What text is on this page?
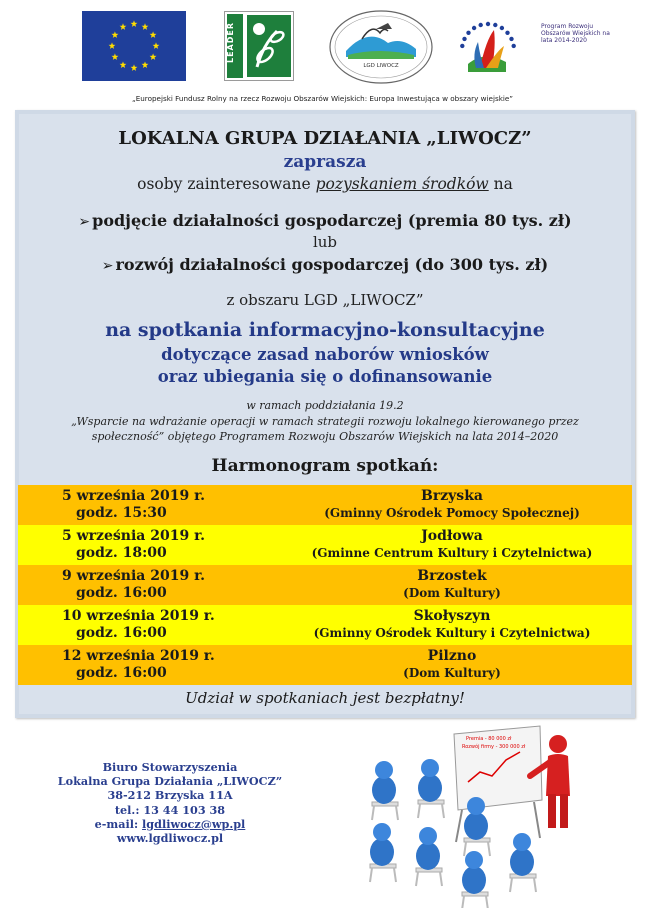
LEADER
LGD LIWOCZ
Program Rozwoju Obszarów Wiejskich na lata 2014-2020
„Europejski Fundusz Rolny na rzecz Rozwoju Obszarów Wiejskich: Europa Inwestująca w obszary wiejskie”
LOKALNA GRUPA DZIAŁANIA „LIWOCZ”
zaprasza
osoby zainteresowane pozyskaniem środków na
➢ podjęcie działalności gospodarczej (premia 80 tys. zł)
lub
➢ rozwój działalności gospodarczej (do 300 tys. zł)
z obszaru LGD „LIWOCZ”
na spotkania informacyjno-konsultacyjne
dotyczące zasad naborów wniosków
oraz ubiegania się o dofinansowanie
w ramach poddziałania 19.2
„Wsparcie na wdrażanie operacji w ramach strategii rozwoju lokalnego kierowanego przez
społeczność” objętego Programem Rozwoju Obszarów Wiejskich na lata 2014–2020
Harmonogram spotkań:
5 września 2019 r.
godz. 15:30
Brzyska
(Gminny Ośrodek Pomocy Społecznej)
5 września 2019 r.
godz. 18:00
Jodłowa
(Gminne Centrum Kultury i Czytelnictwa)
9 września 2019 r.
godz. 16:00
Brzostek
(Dom Kultury)
10 września 2019 r.
godz. 16:00
Skołyszyn
(Gminny Ośrodek Kultury i Czytelnictwa)
12 września 2019 r.
godz. 16:00
Pilzno
(Dom Kultury)
Udział w spotkaniach jest bezpłatny!
Biuro Stowarzyszenia
Lokalna Grupa Działania „LIWOCZ”
38-212 Brzyska 11A
tel.: 13 44 103 38
e-mail: lgdliwocz@wp.pl
www.lgdliwocz.pl
Premia - 80 000 zł
Rozwój firmy - 300 000 zł
